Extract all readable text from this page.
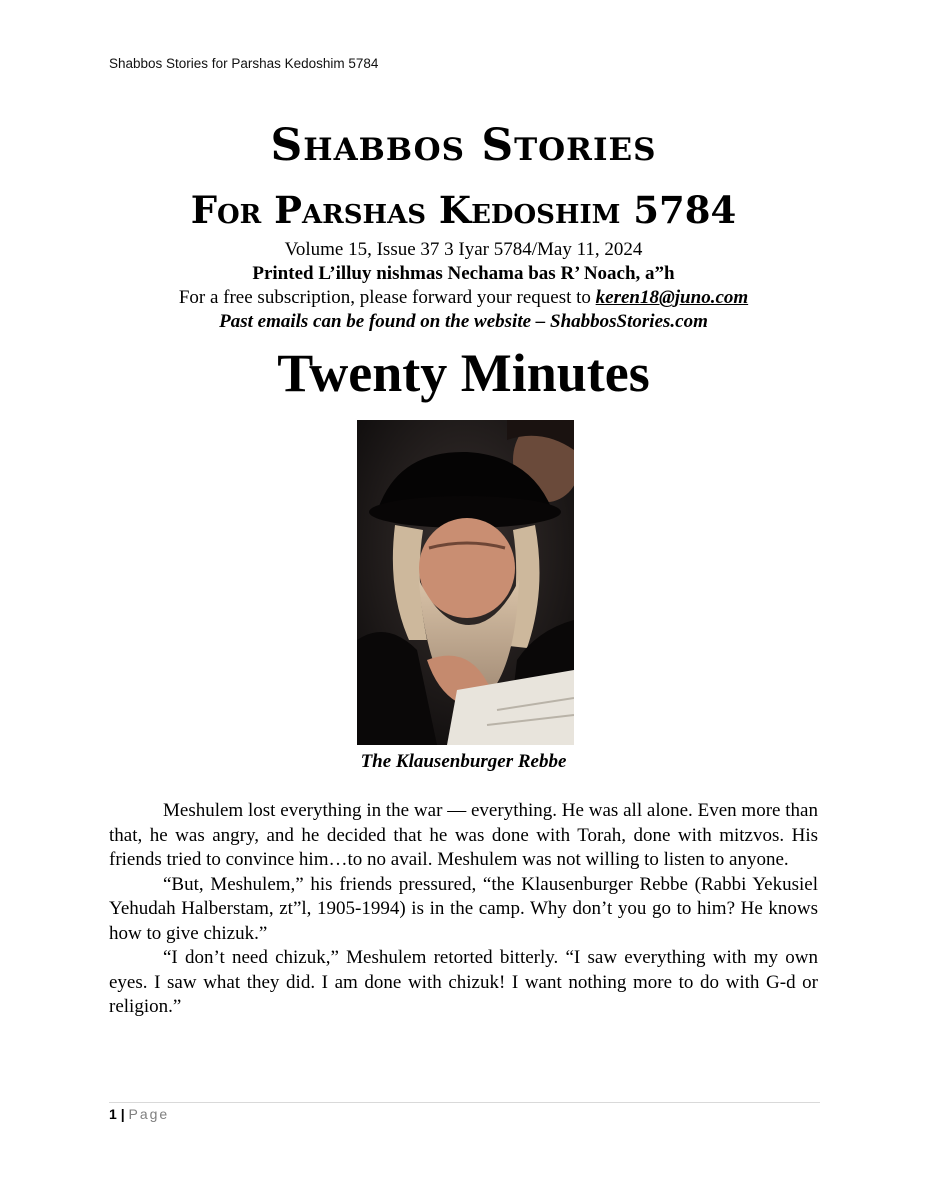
Shabbos Stories for Parshas Kedoshim 5784
Shabbos Stories
For Parshas Kedoshim 5784
Volume 15, Issue 37 3 Iyar 5784/May 11, 2024
Printed L’illuy nishmas Nechama bas R’ Noach, a”h
For a free subscription, please forward your request to keren18@juno.com
Past emails can be found on the website – ShabbosStories.com
Twenty Minutes
The Klausenburger Rebbe

Meshulem lost everything in the war — everything. He was all alone. Even more than that, he was angry, and he decided that he was done with Torah, done with mitzvos. His friends tried to convince him…to no avail. Meshulem was not willing to listen to anyone.

“But, Meshulem,” his friends pressured, “the Klausenburger Rebbe (Rabbi Yekusiel Yehudah Halberstam, zt”l, 1905-1994) is in the camp. Why don’t you go to him? He knows how to give chizuk.”

“I don’t need chizuk,” Meshulem retorted bitterly. “I saw everything with my own eyes. I saw what they did. I am done with chizuk! I want nothing more to do with G-d or religion.”

1 | Page
